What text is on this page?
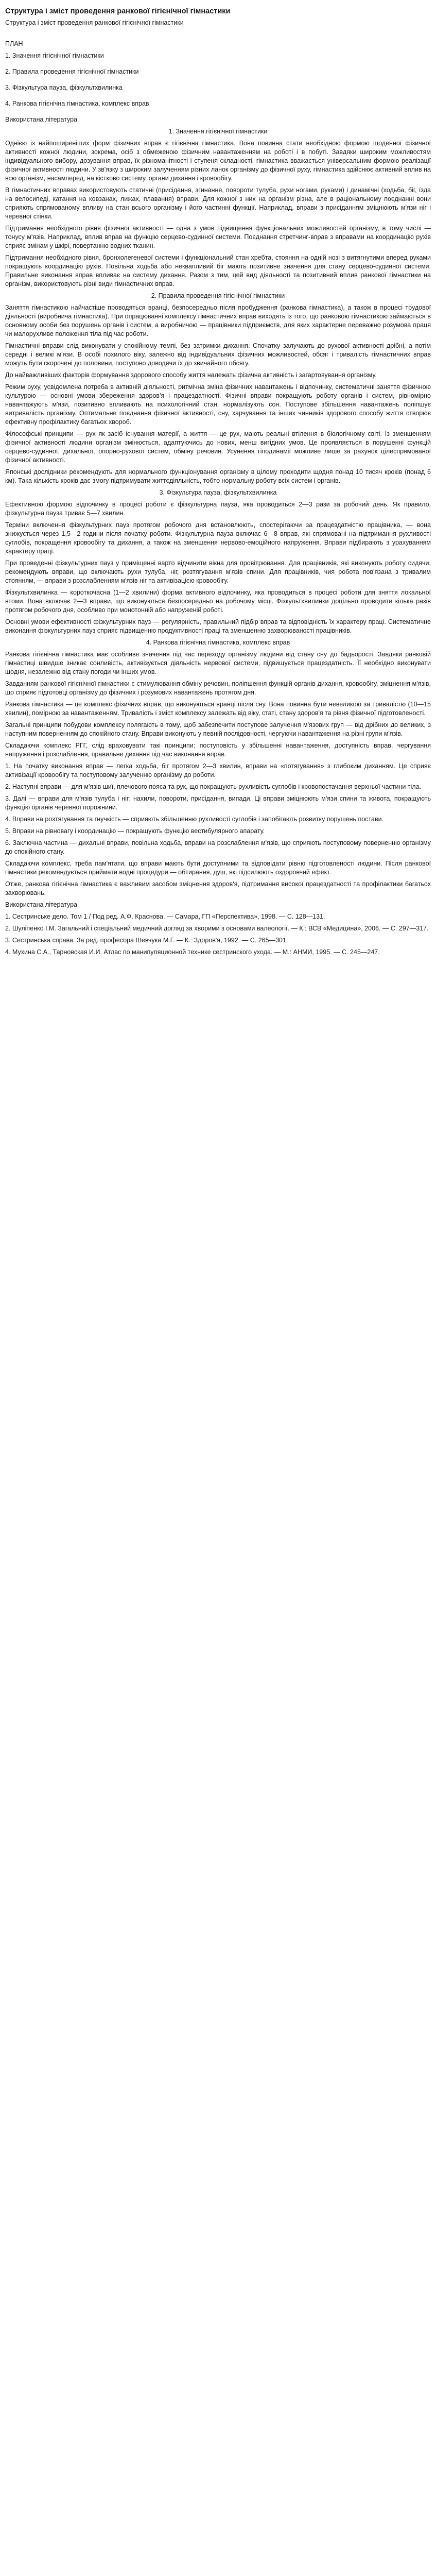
Структура і зміст проведення ранкової гігієнічної гімнастики
Структура і зміст проведення ранкової гігієнічної гімнастики
ПЛАН
1. Значення гігієнічної гімнастики
2. Правила проведення гігієнічної гімнастики
3. Фізкультура пауза, фізкультхвилинка
4. Ранкова гігієнічна гімнастика, комплекс вправ
Використана література
1. Значення гігієнічної гімнастики

Однією із найпоширеніших форм фізичних вправ є гігієнічна гімнастика. Вона повинна стати необхідною формою щоденної фізичної активності кожної людини, зокрема, осіб з обмеженою фізичним навантаженням на роботі і в побуті. Завдяки широким можливостям індивідуального вибору, дозування вправ, їх різноманітності і ступеня складності, гімнастика вважається універсальним формою реалізації фізичної активності людини. У зв'язку з широким залученням різних ланок організму до фізичної руху, гімнастика здійснює активний вплив на всю організм, насамперед, на кістково систему, органи дихання і кровообігу.

В гімнастичних вправах використовують статичні (присідання, згинання, повороти тулуба, рухи ногами, руками) і динамічні (ходьба, біг, їзда на велосипеді, катання на ковзанах, лижах, плавання) вправи. Для кожної з них на організм різна, але в раціональному поєднанні вони сприяють спрямованому впливу на стан всього організму і його частинні функції. Наприклад, вправи з присіданням зміцнюють м'язи ніг і черевної стінки.

Підтримання необхідного рівня фізичної активності — одна з умов підвищення функціональних можливостей організму, в тому числі — тонусу м'язів. Наприклад, вплив вправ на функцію серцево-судинної системи. Поєднання стретчинг-вправ з вправами на координацію рухів сприяє змінам у шкірі, повертанню водних тканин.

Підтримання необхідного рівня, бронхолегеневої системи і функціональний стан хребта, стояння на одній нозі з витягнутими вперед руками покращують координацію рухів. Повільна ходьба або неквапливий біг мають позитивне значення для стану серцево-судинної системи. Правильне виконання вправ впливає на систему дихання. Разом з тим, цей вид діяльності та позитивний вплив ранкової гімнастики на організм, використовують різні види гімнастичних вправ.

2. Правила проведення гігієнічної гімнастики

Заняття гімнастикою найчастіше проводяться вранці, безпосередньо після пробудження (ранкова гімнастика), а також в процесі трудової діяльності (виробнича гімнастика). При опрацюванні комплексу гімнастичних вправ виходять із того, що ранковою гімнастикою займаються в основному особи без порушень органів і систем, а виробничою — працівники підприємств, для яких характерне переважно розумова праця чи малорухливе положення тіла під час роботи.

Гімнастичні вправи слід виконувати у спокійному темпі, без затримки дихання. Спочатку залучають до рухової активності дрібні, а потім середні і великі м'язи. В особі похилого віку, залежно від індивідуальних фізичних можливостей, обсяг і тривалість гімнастичних вправ можуть бути скорочені до половини, поступово доводячи їх до звичайного обсягу.

До найважливіших факторів формування здорового способу життя належать фізична активність і загартовування організму.

Режим руху, усвідомлена потреба в активній діяльності, ритмічна зміна фізичних навантажень і відпочинку, систематичні заняття фізичною культурою — основні умови збереження здоров'я і працездатності. Фізичні вправи покращують роботу органів і систем, рівномірно навантажують м'язи, позитивно впливають на психологічний стан, нормалізують сон. Поступове збільшення навантажень поліпшує витривалість організму. Оптимальне поєднання фізичної активності, сну, харчування та інших чинників здорового способу життя створює ефективну профілактику багатьох хвороб.

Філософські принципи — рух як засіб існування матерії, а життя — це рух, мають реальні втілення в біологічному світі. Із зменшенням фізичної активності людини організм змінюється, адаптуючись до нових, менш вигідних умов. Це проявляється в порушенні функцій серцево-судинної, дихальної, опорно-рухової систем, обміну речовин. Усунення гіподинамії можливе лише за рахунок цілеспрямованої фізичної активності.

Японські дослідники рекомендують для нормального функціонування організму в цілому проходити щодня понад 10 тисяч кроків (понад 6 км). Така кількість кроків дає змогу підтримувати життєдіяльність, тобто нормальну роботу всіх систем і органів.

3. Фізкультура пауза, фізкультхвилинка

Ефективною формою відпочинку в процесі роботи є фізкультурна пауза, яка проводиться 2—3 рази за робочий день. Як правило, фізкультурна пауза триває 5—7 хвилин.

Терміни включення фізкультурних пауз протягом робочого дня встановлюють, спостерігаючи за працездатністю працівника, — вона знижується через 1,5—2 години після початку роботи. Фізкультурна пауза включає 6—8 вправ, які спрямовані на підтримання рухливості суглобів, покращення кровообігу та дихання, а також на зменшення нервово-емоційного напруження. Вправи підбирають з урахуванням характеру праці.

При проведенні фізкультурних пауз у приміщенні варто відчинити вікна для провітрювання. Для працівників, які виконують роботу сидячи, рекомендують вправи, що включають рухи тулуба, ніг, розтягування м'язів спини. Для працівників, чия робота пов'язана з тривалим стоянням, — вправи з розслабленням м'язів ніг та активізацією кровообігу.

Фізкультхвилинка — короткочасна (1—2 хвилини) форма активного відпочинку, яка проводиться в процесі роботи для зняття локальної втоми. Вона включає 2—3 вправи, що виконуються безпосередньо на робочому місці. Фізкультхвилинки доцільно проводити кілька разів протягом робочого дня, особливо при монотонній або напруженій роботі.

Основні умови ефективності фізкультурних пауз — регулярність, правильний підбір вправ та відповідність їх характеру праці. Систематичне виконання фізкультурних пауз сприяє підвищенню продуктивності праці та зменшенню захворюваності працівників.

4. Ранкова гігієнічна гімнастика, комплекс вправ

Ранкова гігієнічна гімнастика має особливе значення під час переходу організму людини від стану сну до бадьорості. Завдяки ранковій гімнастиці швидше зникає сонливість, активізується діяльність нервової системи, підвищується працездатність. Її необхідно виконувати щодня, незалежно від стану погоди чи інших умов.

Завданням ранкової гігієнічної гімнастики є стимулювання обміну речовин, поліпшення функцій органів дихання, кровообігу, зміцнення м'язів, що сприяє підготовці організму до фізичних і розумових навантажень протягом дня.

Ранкова гімнастика — це комплекс фізичних вправ, що виконуються вранці після сну. Вона повинна бути невеликою за тривалістю (10—15 хвилин), помірною за навантаженням. Тривалість і зміст комплексу залежать від віку, статі, стану здоров'я та рівня фізичної підготовленості.

Загальні принципи побудови комплексу полягають в тому, щоб забезпечити поступове залучення м'язових груп — від дрібних до великих, з наступним поверненням до спокійного стану. Вправи виконують у певній послідовності, чергуючи навантаження на різні групи м'язів.

Складаючи комплекс РГГ, слід враховувати такі принципи: поступовість у збільшенні навантаження, доступність вправ, чергування напруження і розслаблення, правильне дихання під час виконання вправ.

1. На початку виконання вправ — легка ходьба, біг протягом 2—3 хвилин, вправи на «потягування» з глибоким диханням. Це сприяє активізації кровообігу та поступовому залученню організму до роботи.

2. Наступні вправи — для м'язів шиї, плечового пояса та рук, що покращують рухливість суглобів і кровопостачання верхньої частини тіла.

3. Далі — вправи для м'язів тулуба і ніг: нахили, повороти, присідання, випади. Ці вправи зміцнюють м'язи спини та живота, покращують функцію органів черевної порожнини.

4. Вправи на розтягування та гнучкість — сприяють збільшенню рухливості суглобів і запобігають розвитку порушень постави.

5. Вправи на рівновагу і координацію — покращують функцію вестибулярного апарату.

6. Заключна частина — дихальні вправи, повільна ходьба, вправи на розслаблення м'язів, що сприяють поступовому поверненню організму до спокійного стану.

Складаючи комплекс, треба пам'ятати, що вправи мають бути доступними та відповідати рівню підготовленості людини. Після ранкової гімнастики рекомендується приймати водні процедури — обтирання, душ, які підсилюють оздоровчий ефект.

Отже, ранкова гігієнічна гімнастика є важливим засобом зміцнення здоров'я, підтримання високої працездатності та профілактики багатьох захворювань.

Використана література
1. Сестринське дело. Том 1 / Под ред. А.Ф. Краснова. — Самара, ГП «Перспектива», 1998. — С. 128—131.
2. Шуліпенко І.М. Загальний і спеціальний медичний догляд за хворими з основами валеології. — К.: ВСВ «Медицина», 2006. — С. 297—317.
3. Сестринська справа. За ред. професора Шевчука М.Г. — К.: Здоров'я, 1992. — С. 265—301.
4. Мухина С.А., Тарновская И.И. Атлас по манипуляционной технике сестринского ухода. — М.: АНМИ, 1995. — С. 245—247.
